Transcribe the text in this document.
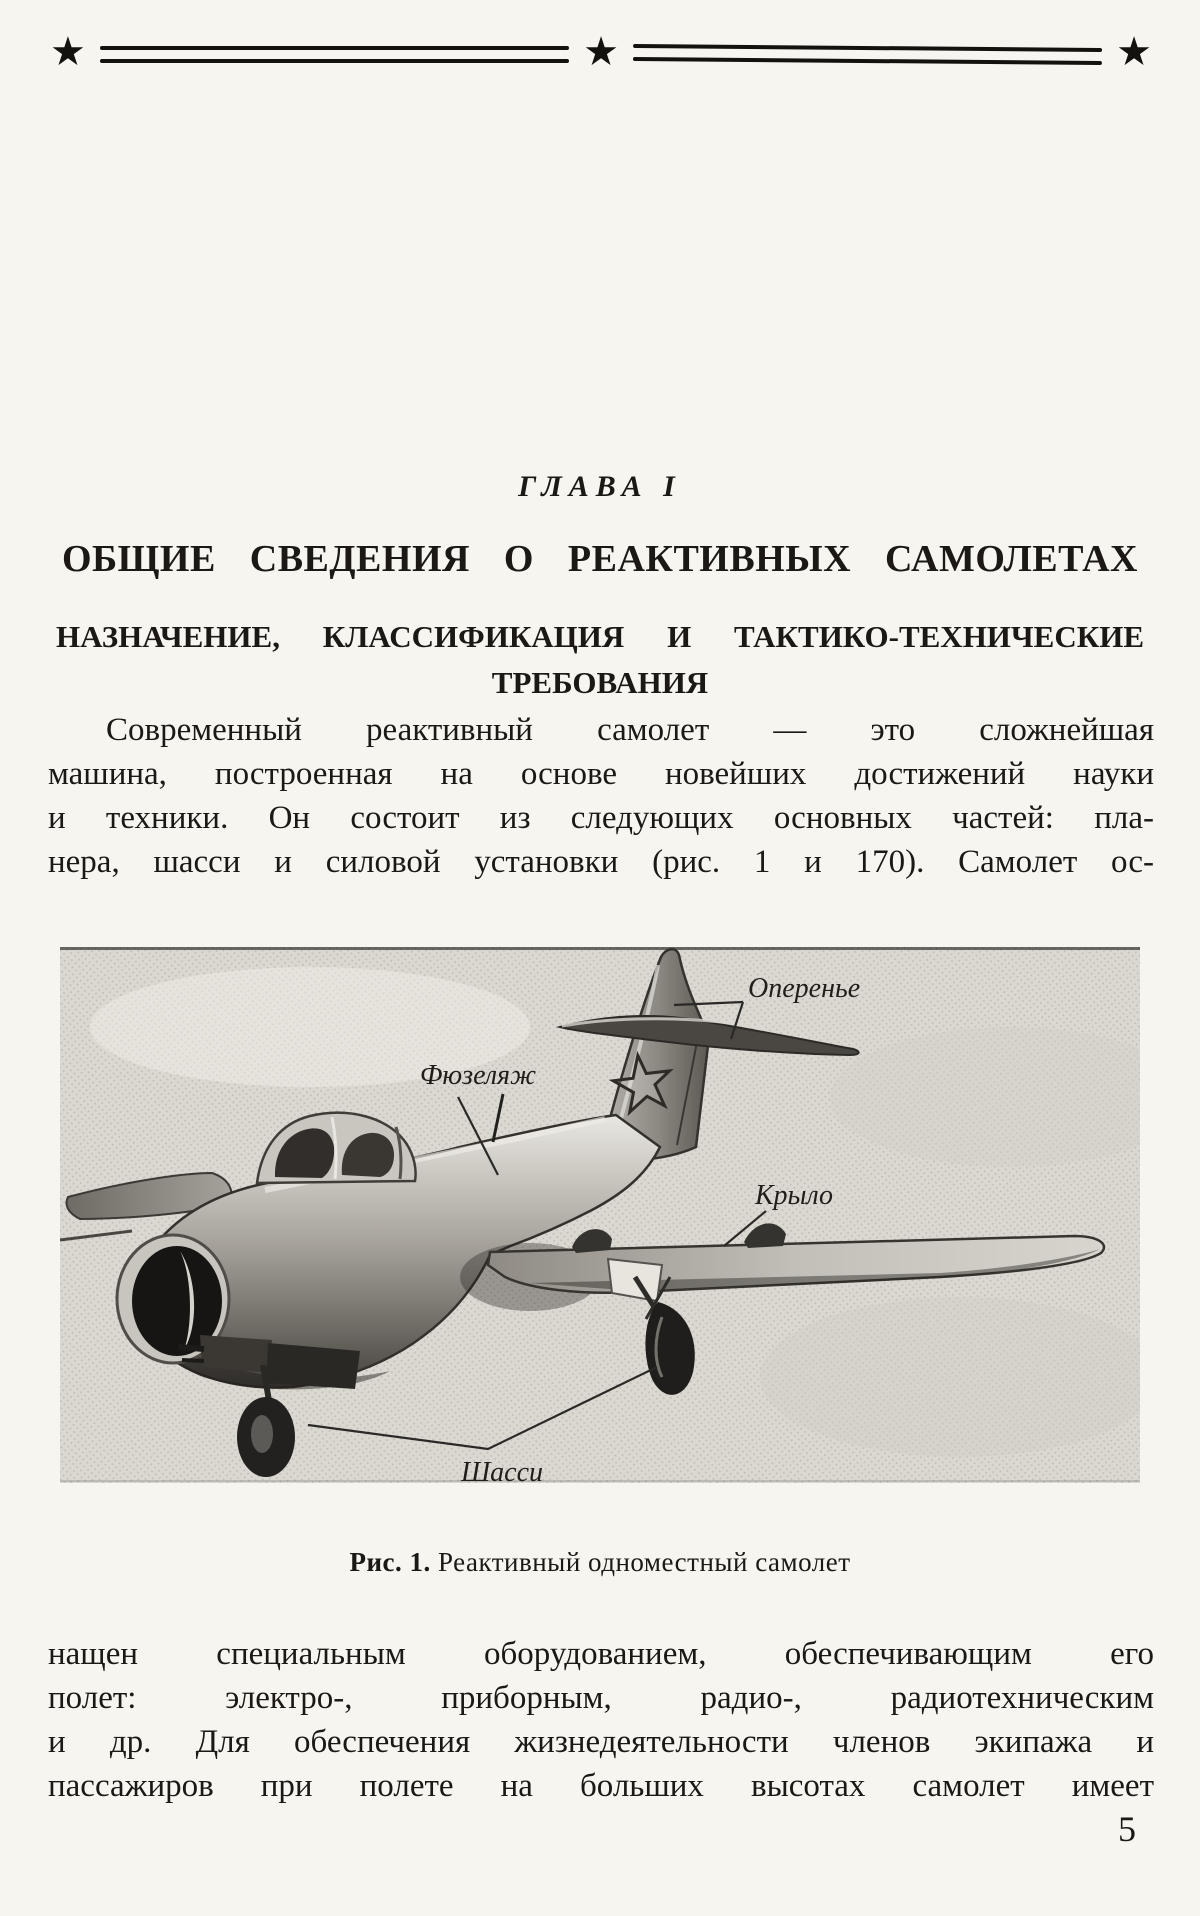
★	★	★
ГЛАВА I
ОБЩИЕ СВЕДЕНИЯ О РЕАКТИВНЫХ САМОЛЕТАХ
НАЗНАЧЕНИЕ, КЛАССИФИКАЦИЯ И ТАКТИКО-ТЕХНИЧЕСКИЕ
ТРЕБОВАНИЯ
Современный реактивный самолет — это сложнейшая
машина, построенная на основе новейших достижений науки
и техники. Он состоит из следующих основных частей: пла-
нера, шасси и силовой установки (рис. 1 и 170). Самолет ос-
Оперенье
Фюзеляж
Крыло
Шасси
Рис. 1. Реактивный одноместный самолет
нащен специальным оборудованием, обеспечивающим его
полет: электро-, приборным, радио-, радиотехническим
и др. Для обеспечения жизнедеятельности членов экипажа и
пассажиров при полете на больших высотах самолет имеет
5
